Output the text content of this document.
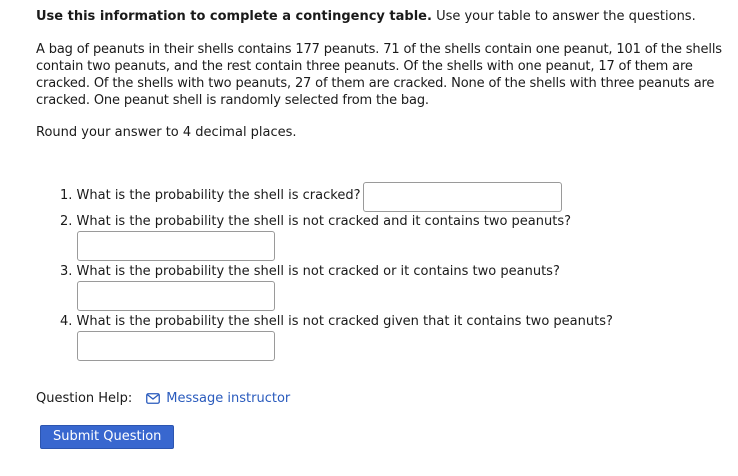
Use this information to complete a contingency table. Use your table to answer the questions.

A bag of peanuts in their shells contains 177 peanuts. 71 of the shells contain one peanut, 101 of the shells contain two peanuts, and the rest contain three peanuts. Of the shells with one peanut, 17 of them are cracked. Of the shells with two peanuts, 27 of them are cracked. None of the shells with three peanuts are cracked. One peanut shell is randomly selected from the bag.

Round your answer to 4 decimal places.

1. What is the probability the shell is cracked?

2. What is the probability the shell is not cracked and it contains two peanuts?

3. What is the probability the shell is not cracked or it contains two peanuts?

4. What is the probability the shell is not cracked given that it contains two peanuts?

Question Help:	Message instructor
Submit Question
